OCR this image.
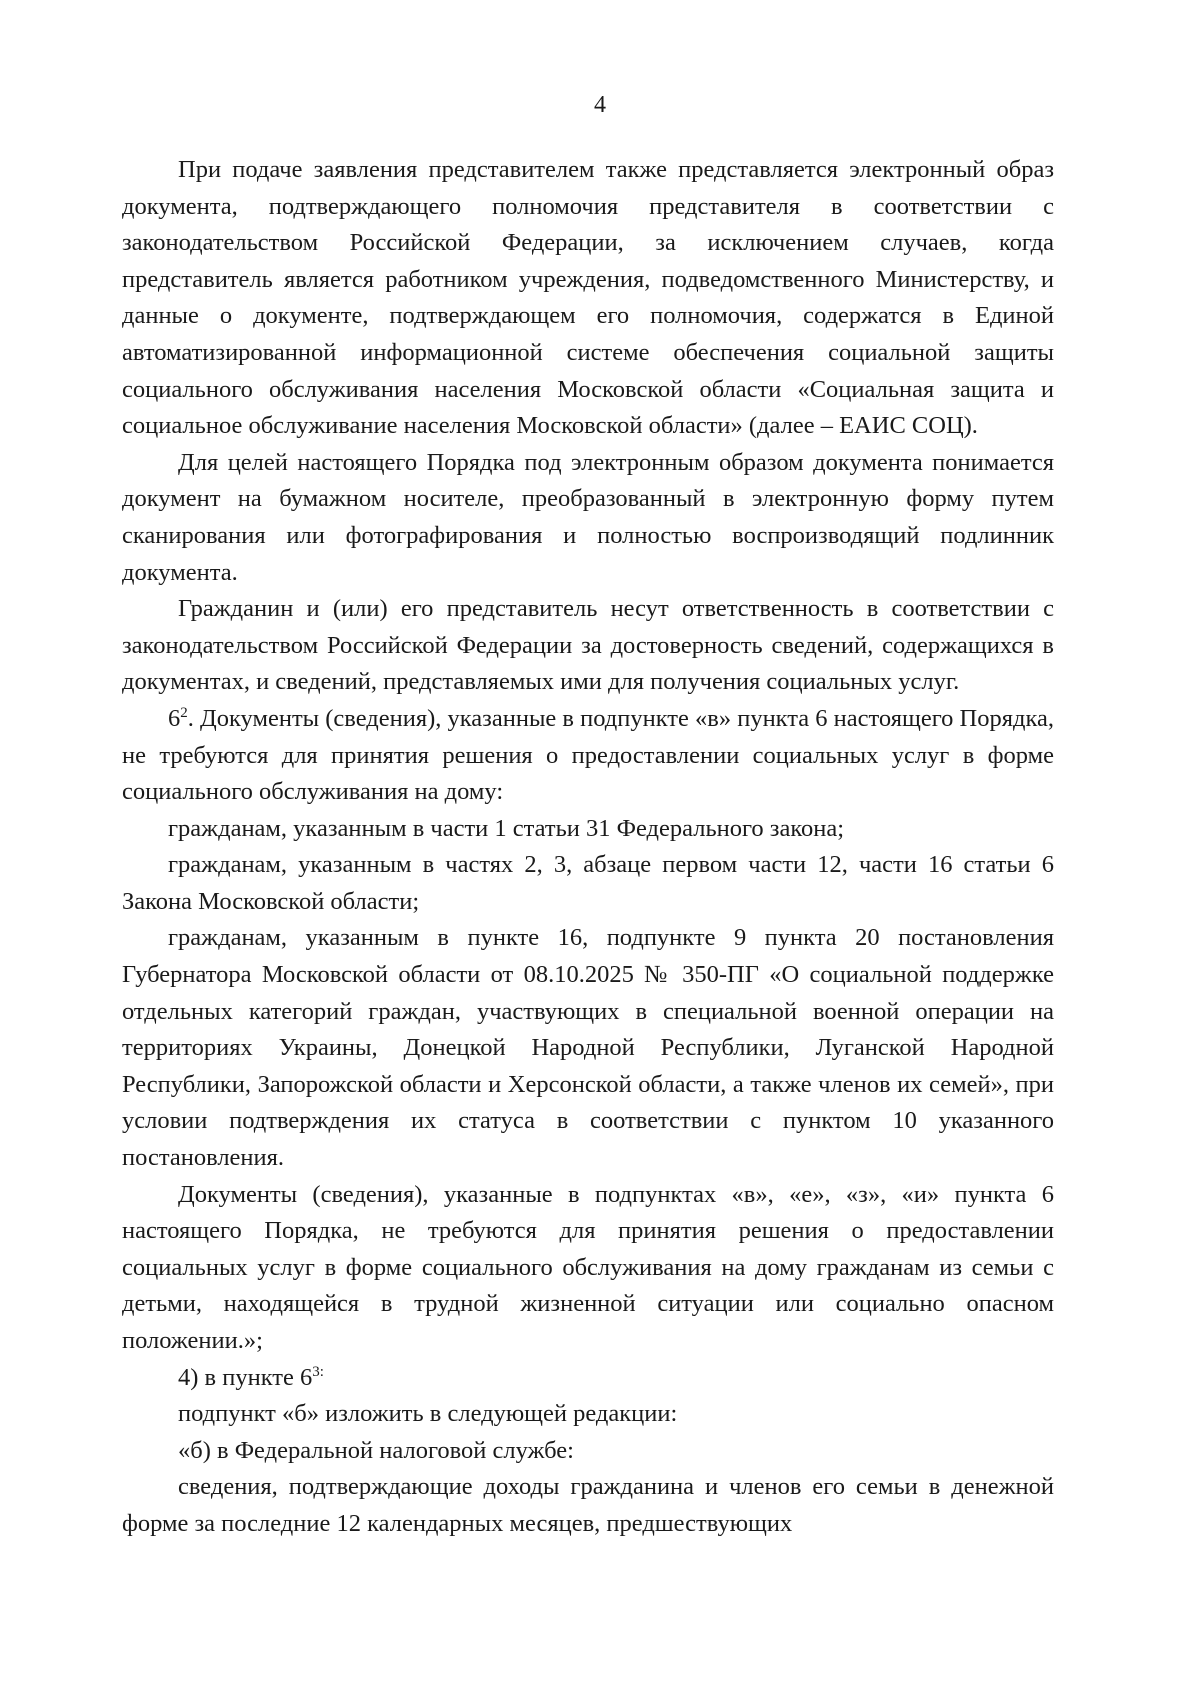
4

При подаче заявления представителем также представляется электронный образ документа, подтверждающего полномочия представителя в соответствии с законодательством Российской Федерации, за исключением случаев, когда представитель является работником учреждения, подведомственного Министерству, и данные о документе, подтверждающем его полномочия, содержатся в Единой автоматизированной информационной системе обеспечения социальной защиты социального обслуживания населения Московской области «Социальная защита и социальное обслуживание населения Московской области» (далее – ЕАИС СОЦ).

Для целей настоящего Порядка под электронным образом документа понимается документ на бумажном носителе, преобразованный в электронную форму путем сканирования или фотографирования и полностью воспроизводящий подлинник документа.

Гражданин и (или) его представитель несут ответственность в соответствии с законодательством Российской Федерации за достоверность сведений, содержащихся в документах, и сведений, представляемых ими для получения социальных услуг.

$6^2$. Документы (сведения), указанные в подпункте «в» пункта 6 настоящего Порядка, не требуются для принятия решения о предоставлении социальных услуг в форме социального обслуживания на дому:

гражданам, указанным в части 1 статьи 31 Федерального закона;

гражданам, указанным в частях 2, 3, абзаце первом части 12, части 16 статьи 6 Закона Московской области;

гражданам, указанным в пункте 16, подпункте 9 пункта 20 постановления Губернатора Московской области от 08.10.2025 № 350-ПГ «О социальной поддержке отдельных категорий граждан, участвующих в специальной военной операции на территориях Украины, Донецкой Народной Республики, Луганской Народной Республики, Запорожской области и Херсонской области, а также членов их семей», при условии подтверждения их статуса в соответствии с пунктом 10 указанного постановления.

Документы (сведения), указанные в подпунктах «в», «е», «з», «и» пункта 6 настоящего Порядка, не требуются для принятия решения о предоставлении социальных услуг в форме социального обслуживания на дому гражданам из семьи с детьми, находящейся в трудной жизненной ситуации или социально опасном положении.»;

4) в пункте $6^{3:}$

подпункт «б» изложить в следующей редакции:

«б) в Федеральной налоговой службе:

сведения, подтверждающие доходы гражданина и членов его семьи в денежной форме за последние 12 календарных месяцев, предшествующих
